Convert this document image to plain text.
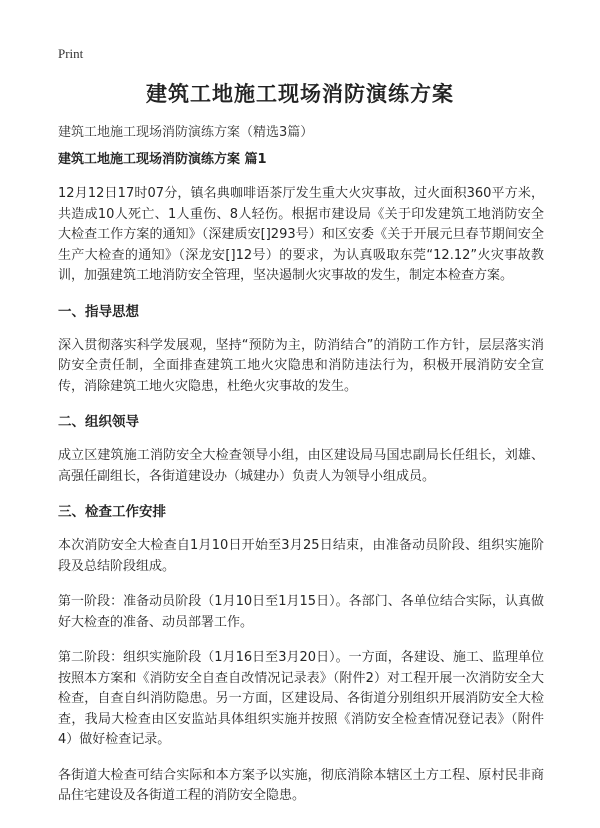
Print
建筑工地施工现场消防演练方案

建筑工地施工现场消防演练方案（精选3篇）

建筑工地施工现场消防演练方案 篇1

12月12日17时07分，镇名典咖啡语茶厅发生重大火灾事故，过火面积360平方米，共造成10人死亡、1人重伤、8人轻伤。根据市建设局《关于印发建筑工地消防安全大检查工作方案的通知》（深建质安[]293号）和区安委《关于开展元旦春节期间安全生产大检查的通知》（深龙安[]12号）的要求，为认真吸取东莞“12.12”火灾事故教训，加强建筑工地消防安全管理，坚决遏制火灾事故的发生，制定本检查方案。

一、指导思想

深入贯彻落实科学发展观，坚持“预防为主，防消结合”的消防工作方针，层层落实消防安全责任制，全面排查建筑工地火灾隐患和消防违法行为，积极开展消防安全宣传，消除建筑工地火灾隐患，杜绝火灾事故的发生。

二、组织领导

成立区建筑施工消防安全大检查领导小组，由区建设局马国忠副局长任组长，刘雄、高强任副组长，各街道建设办（城建办）负责人为领导小组成员。

三、检查工作安排

本次消防安全大检查自1月10日开始至3月25日结束，由准备动员阶段、组织实施阶段及总结阶段组成。

第一阶段：准备动员阶段（1月10日至1月15日）。各部门、各单位结合实际，认真做好大检查的准备、动员部署工作。

第二阶段：组织实施阶段（1月16日至3月20日）。一方面，各建设、施工、监理单位按照本方案和《消防安全自查自改情况记录表》（附件2）对工程开展一次消防安全大检查，自查自纠消防隐患。另一方面，区建设局、各街道分别组织开展消防安全大检查，我局大检查由区安监站具体组织实施并按照《消防安全检查情况登记表》（附件4）做好检查记录。

各街道大检查可结合实际和本方案予以实施，彻底消除本辖区土方工程、原村民非商品住宅建设及各街道工程的消防安全隐患。
